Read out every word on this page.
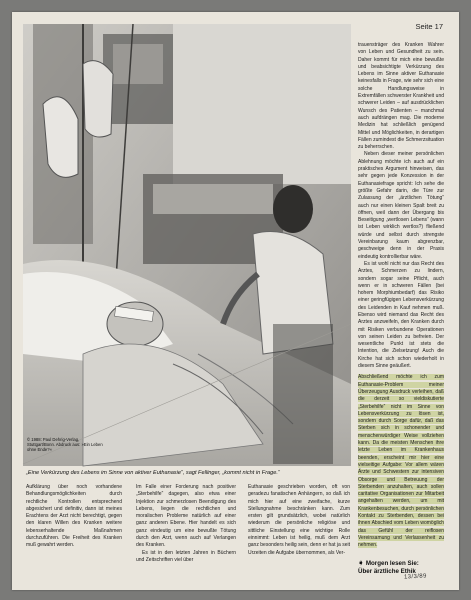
Seite 17
© 1988: Paul Dehrig-Verlag, Stuttgart/Bonn. Abdruck aus: »Ein Leben ohne Ende?«
„Eine Verkürzung des Lebens im Sinne von aktiver Euthanasie“, sagt Fellinger, „kommt nicht in Frage.“

trauensträger des Kranken Wahrer von Leben und Gesundheit zu sein. Daher kommt für mich eine bewußte und beabsichtigte Verkürzung des Lebens im Sinne aktiver Euthanasie keinesfalls in Frage, wie sehr sich eine solche Handlungsweise in Extremfällen schwerster Krankheit und schwerer Leiden – auf ausdrücklichen Wunsch des Patienten – manchmal auch aufdrängen mag. Die moderne Medizin hat schließlich genügend Mittel und Möglichkeiten, in derartigen Fällen zumindest die Schmerzsituation zu beherrschen.

Neben dieser meiner persönlichen Ablehnung möchte ich auch auf ein praktisches Argument hinweisen, das sehr gegen jede Konzession in der Euthanasiefrage spricht: Ich sehe die größte Gefahr darin, die Türe zur Zulassung der „ärztlichen Tötung“ auch nur einen kleinen Spalt breit zu öffnen, weil dann der Übergang bis Beseitigung „wertlosen Lebens“ (wann ist Leben wirklich wertlos?) fließend würde und selbst durch strengste Vereinbarung kaum abgrenzbar, geschweige denn in der Praxis eindeutig kontrollierbar wäre.

Es ist wohl nicht nur das Recht des Arztes, Schmerzen zu lindern, sondern sogar seine Pflicht, auch wenn er in schweren Fällen (bei hohem Morphiumbedarf) das Risiko einer geringfügigen Lebensverkürzung des Leidenden in Kauf nehmen muß. Ebenso wird niemand das Recht des Arztes anzweifeln, den Kranken durch mit Risiken verbundene Operationen von seinen Leiden zu befreien. Der wesentliche Punkt ist stets die Intention, die Zielsetzung! Auch die Kirche hat sich schon wiederholt in diesem Sinne geäußert.

Abschließend möchte ich zum Euthanasie-Problem meiner Überzeugung Ausdruck verleihen, daß die derzeit so vieldiskutierte „Sterbehilfe“ nicht im Sinne von Lebensverkürzung zu lösen ist, sondern durch Sorge dafür, daß das Sterben sich in schonender und menschenwürdiger Weise vollziehen kann. Da die meisten Menschen ihre letzte Leben im Krankenhaus beenden, erscheint mir hier eine vielseitige Aufgabe: Vor allem wären Ärzte und Schwestern zur intensiven Obsorge und Betreuung der Sterbenden anzuhalten, auch sollen caritative Organisationen zur Mitarbeit angehalten werden, um mit Krankenbesuchen, durch persönlichen Kontakt zu Sterbenden, dessen bei ihnen Abschied vom Leben womöglich das Gefühl der reiflosen Vereinsamung und Verlassenheit zu nehmen.

Aufklärung über noch vorhandene Behandlungsmöglichkeiten durch rechtliche Kontrollen entsprechend abgesichert und definitiv, dann ist meines Erachtens der Arzt nicht berechtigt, gegen den klaren Willen des Kranken weitere lebenserhaltende Maßnahmen durchzuführen. Die Freiheit des Kranken muß gewahrt werden.

Im Falle einer Forderung nach positiver „Sterbehilfe“ dagegen, also etwa einer Injektion zur schmerzlosen Beendigung des Lebens, liegen die rechtlichen und moralischen Probleme natürlich auf einer ganz anderen Ebene. Hier handelt es sich ganz eindeutig um eine bewußte Tötung durch den Arzt, wenn auch auf Verlangen des Kranken.

Es ist in den letzten Jahren in Büchern und Zeitschriften viel über

Euthanasie geschrieben worden, oft von geradezu fanatischen Anhängern, so daß ich mich hier auf eine zweifache, kurze Stellungnahme beschränken kann. Zum ersten gilt grundsätzlich, wobei natürlich wiederum die persönliche religiöse und sittliche Einstellung eine wichtige Rolle einnimmt: Leben ist heilig, muß dem Arzt ganz besonders heilig sein, denn er hat ja seit Urzeiten die Aufgabe übernommen, als Ver-

➧ Morgen lesen Sie:
Über ärztliche Ethik
13/3/89
